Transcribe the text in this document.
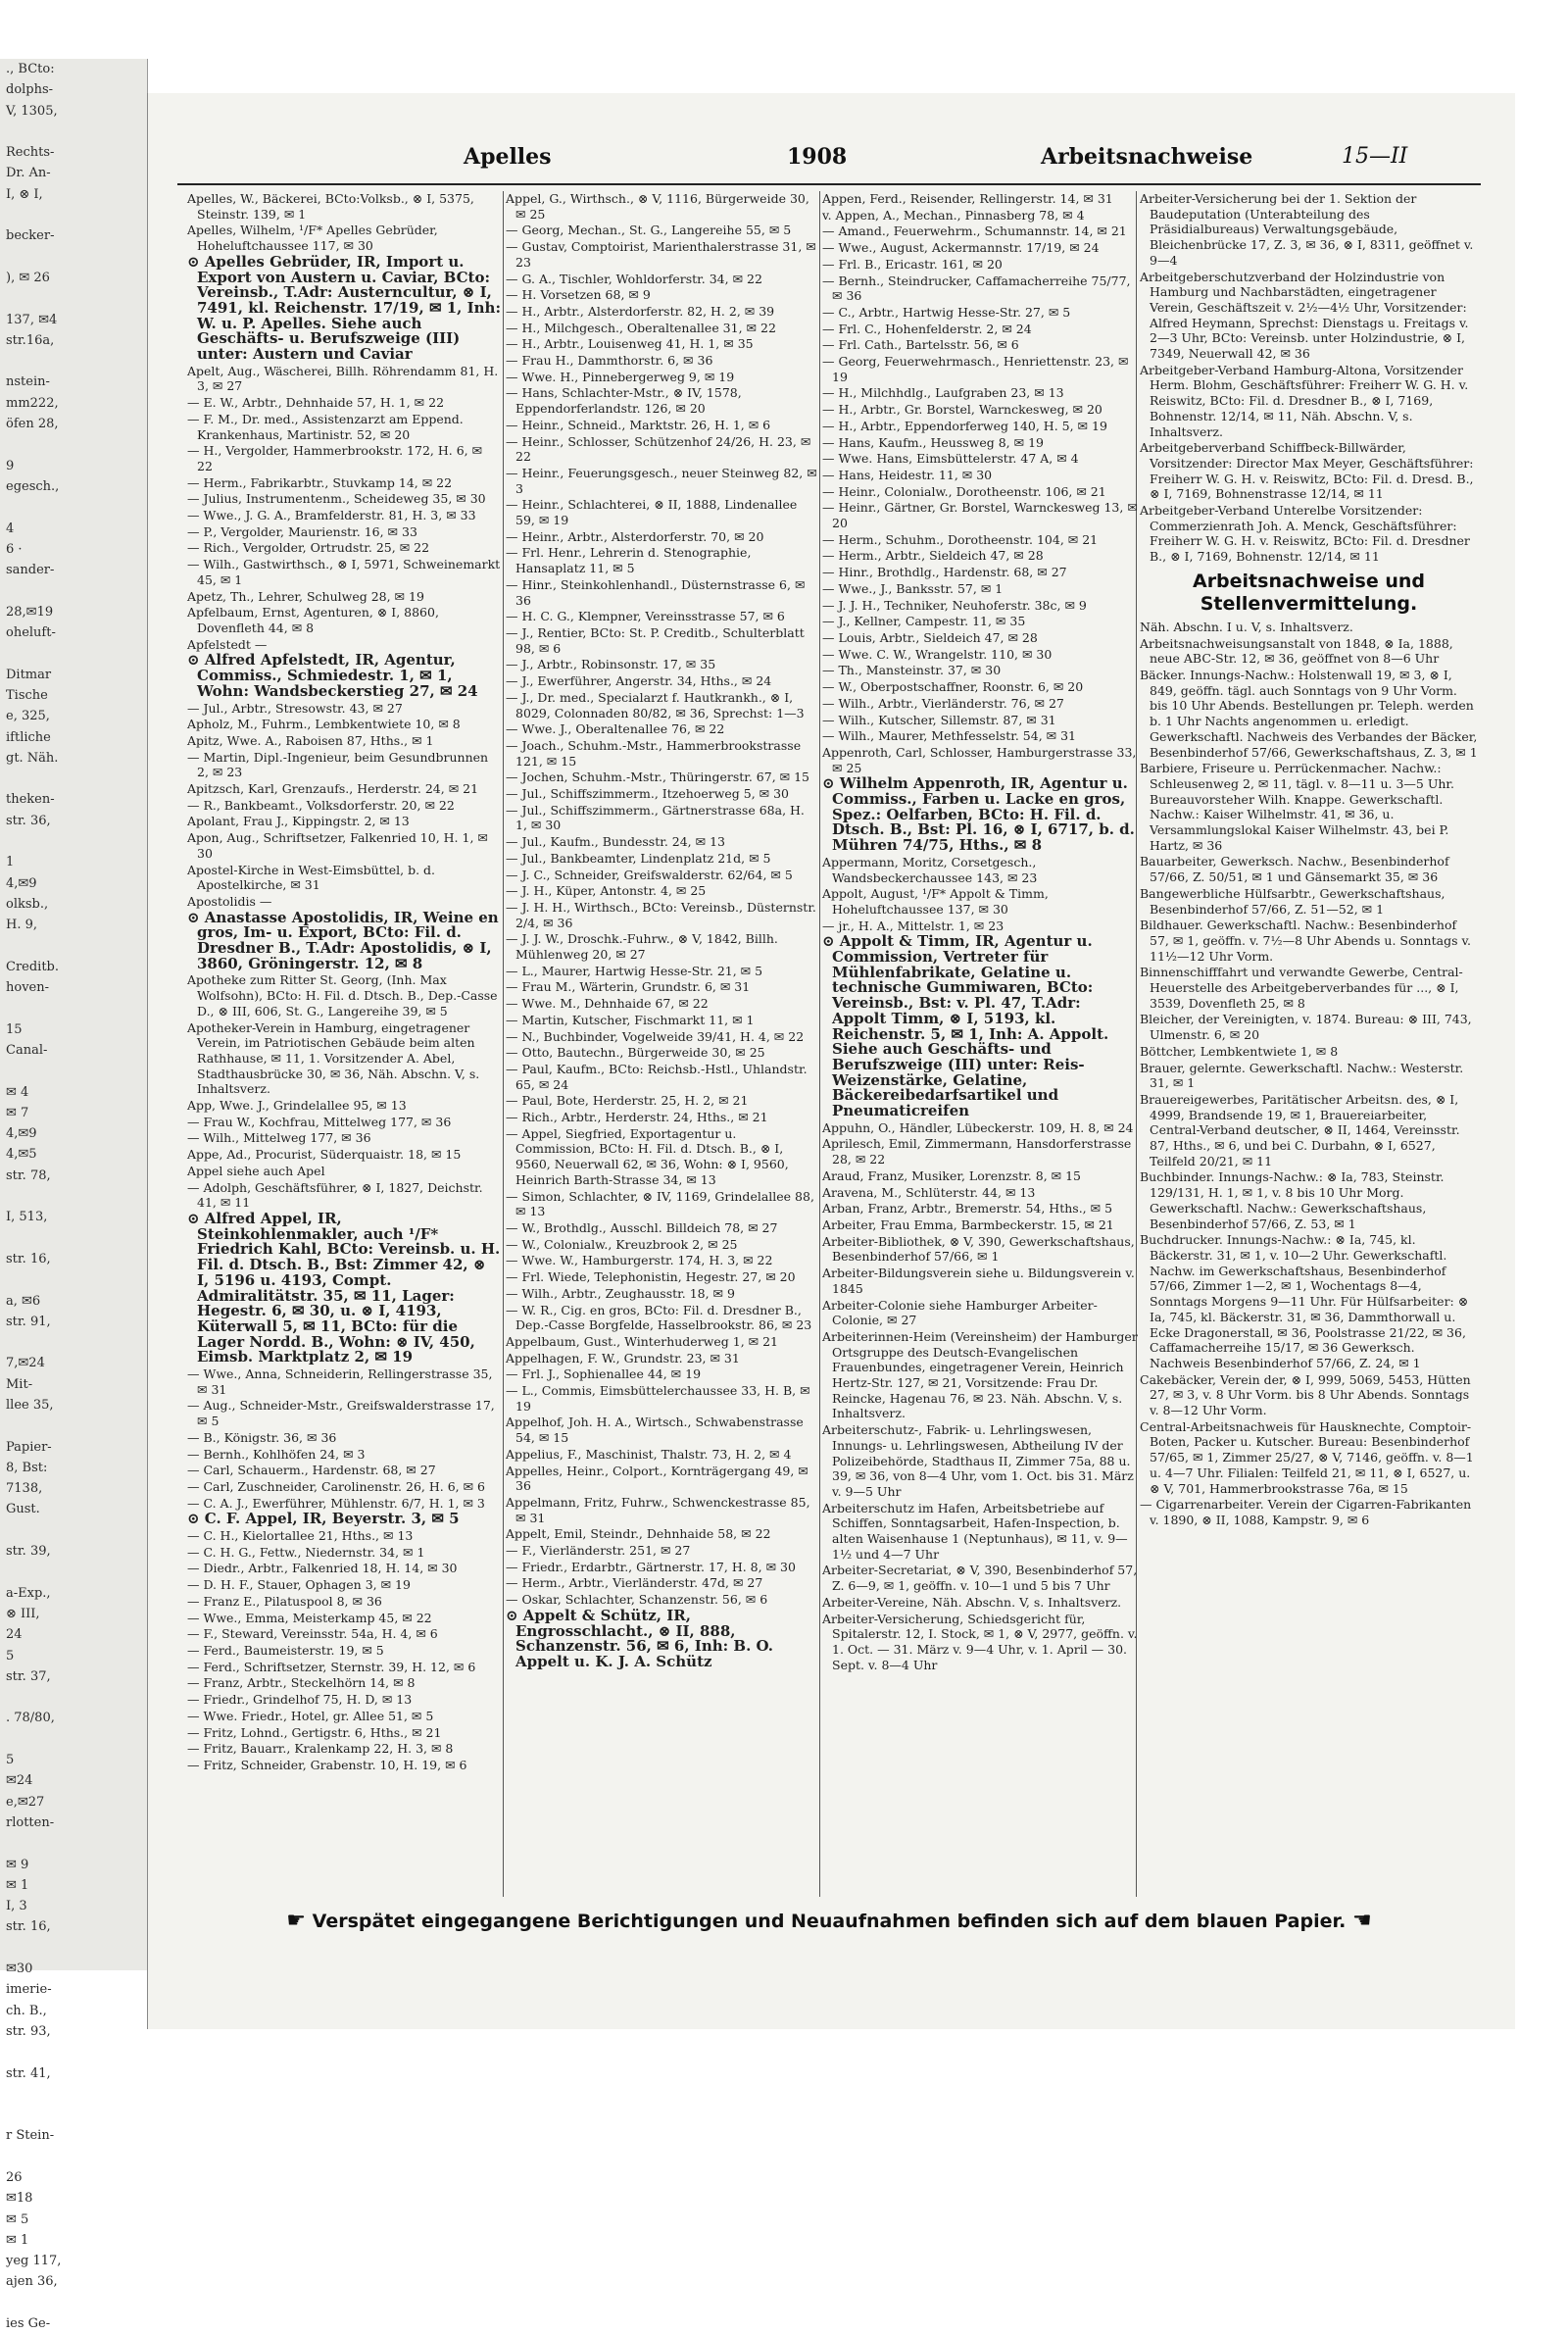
., BCto:
dolphs-
V, 1305,

Rechts-
Dr. An-
I, ⊗ I,

becker-

), ✉ 26

137, ✉4
str.16a,

nstein-
mm222,
öfen 28,

9
egesch.,

4
6 ·
sander-

28,✉19
oheluft-

Ditmar
Tische
e, 325,
iftliche
gt. Näh.

theken-
str. 36,

1
4,✉9
olksb.,
H. 9,

Creditb.
hoven-

15
Canal-

✉ 4
✉ 7
4,✉9
4,✉5
str. 78,

I, 513,

str. 16,

a, ✉6
str. 91,

7,✉24
Mit-
llee 35,

Papier-
8, Bst:
7138,
Gust.

str. 39,

a-Exp.,
⊗ III,
24
5
str. 37,

. 78/80,

5
✉24
e,✉27
rlotten-

✉ 9
✉ 1
I, 3
str. 16,

✉30
imerie-
ch. B.,
str. 93,

str. 41,

r Stein-

26
✉18
✉ 5
✉ 1
yeg 117,
ajen 36,

ies Ge-
Apelles	1908	Arbeitsnachweise	15—II
Apelles, W., Bäckerei, BCto:Volksb., ⊗ I, 5375, Steinstr. 139, ✉ 1
Apelles, Wilhelm, ¹/F* Apelles Gebrüder, Hoheluftchaussee 117, ✉ 30
⊙ Apelles Gebrüder, IR, Import u. Export von Austern u. Caviar, BCto: Vereinsb., T.Adr: Austerncultur, ⊗ I, 7491, kl. Reichenstr. 17/19, ✉ 1, Inh: W. u. P. Apelles. Siehe auch Geschäfts- u. Berufszweige (III) unter: Austern und Caviar
Apelt, Aug., Wäscherei, Billh. Röhrendamm 81, H. 3, ✉ 27
— E. W., Arbtr., Dehnhaide 57, H. 1, ✉ 22
— F. M., Dr. med., Assistenzarzt am Eppend. Krankenhaus, Martinistr. 52, ✉ 20
— H., Vergolder, Hammerbrookstr. 172, H. 6, ✉ 22
— Herm., Fabrikarbtr., Stuvkamp 14, ✉ 22
— Julius, Instrumentenm., Scheideweg 35, ✉ 30
— Wwe., J. G. A., Bramfelderstr. 81, H. 3, ✉ 33
— P., Vergolder, Maurienstr. 16, ✉ 33
— Rich., Vergolder, Ortrudstr. 25, ✉ 22
— Wilh., Gastwirthsch., ⊗ I, 5971, Schweinemarkt 45, ✉ 1
Apetz, Th., Lehrer, Schulweg 28, ✉ 19
Apfelbaum, Ernst, Agenturen, ⊗ I, 8860, Dovenfleth 44, ✉ 8
Apfelstedt —
⊙ Alfred Apfelstedt, IR, Agentur, Commiss., Schmiedestr. 1, ✉ 1, Wohn: Wandsbeckerstieg 27, ✉ 24
— Jul., Arbtr., Stresowstr. 43, ✉ 27
Apholz, M., Fuhrm., Lembkentwiete 10, ✉ 8
Apitz, Wwe. A., Raboisen 87, Hths., ✉ 1
— Martin, Dipl.-Ingenieur, beim Gesundbrunnen 2, ✉ 23
Apitzsch, Karl, Grenzaufs., Herderstr. 24, ✉ 21
— R., Bankbeamt., Volksdorferstr. 20, ✉ 22
Apolant, Frau J., Kippingstr. 2, ✉ 13
Apon, Aug., Schriftsetzer, Falkenried 10, H. 1, ✉ 30
Apostel-Kirche in West-Eimsbüttel, b. d. Apostelkirche, ✉ 31
Apostolidis —
⊙ Anastasse Apostolidis, IR, Weine en gros, Im- u. Export, BCto: Fil. d. Dresdner B., T.Adr: Apostolidis, ⊗ I, 3860, Gröningerstr. 12, ✉ 8
Apotheke zum Ritter St. Georg, (Inh. Max Wolfsohn), BCto: H. Fil. d. Dtsch. B., Dep.-Casse D., ⊗ III, 606, St. G., Langereihe 39, ✉ 5
Apotheker-Verein in Hamburg, eingetragener Verein, im Patriotischen Gebäude beim alten Rathhause, ✉ 11, 1. Vorsitzender A. Abel, Stadthausbrücke 30, ✉ 36, Näh. Abschn. V, s. Inhaltsverz.
App, Wwe. J., Grindelallee 95, ✉ 13
— Frau W., Kochfrau, Mittelweg 177, ✉ 36
— Wilh., Mittelweg 177, ✉ 36
Appe, Ad., Procurist, Süderquaistr. 18, ✉ 15
Appel siehe auch Apel
— Adolph, Geschäftsführer, ⊗ I, 1827, Deichstr. 41, ✉ 11
⊙ Alfred Appel, IR, Steinkohlenmakler, auch ¹/F* Friedrich Kahl, BCto: Vereinsb. u. H. Fil. d. Dtsch. B., Bst: Zimmer 42, ⊗ I, 5196 u. 4193, Compt. Admiralitätstr. 35, ✉ 11, Lager: Hegestr. 6, ✉ 30, u. ⊗ I, 4193, Küterwall 5, ✉ 11, BCto: für die Lager Nordd. B., Wohn: ⊗ IV, 450, Eimsb. Marktplatz 2, ✉ 19
— Wwe., Anna, Schneiderin, Rellingerstrasse 35, ✉ 31
— Aug., Schneider-Mstr., Greifswalderstrasse 17, ✉ 5
— B., Königstr. 36, ✉ 36
— Bernh., Kohlhöfen 24, ✉ 3
— Carl, Schauerm., Hardenstr. 68, ✉ 27
— Carl, Zuschneider, Carolinenstr. 26, H. 6, ✉ 6
— C. A. J., Ewerführer, Mühlenstr. 6/7, H. 1, ✉ 3
⊙ C. F. Appel, IR, Beyerstr. 3, ✉ 5
— C. H., Kielortallee 21, Hths., ✉ 13
— C. H. G., Fettw., Niedernstr. 34, ✉ 1
— Diedr., Arbtr., Falkenried 18, H. 14, ✉ 30
— D. H. F., Stauer, Ophagen 3, ✉ 19
— Franz E., Pilatuspool 8, ✉ 36
— Wwe., Emma, Meisterkamp 45, ✉ 22
— F., Steward, Vereinsstr. 54a, H. 4, ✉ 6
— Ferd., Baumeisterstr. 19, ✉ 5
— Ferd., Schriftsetzer, Sternstr. 39, H. 12, ✉ 6
— Franz, Arbtr., Steckelhörn 14, ✉ 8
— Friedr., Grindelhof 75, H. D, ✉ 13
— Wwe. Friedr., Hotel, gr. Allee 51, ✉ 5
— Fritz, Lohnd., Gertigstr. 6, Hths., ✉ 21
— Fritz, Bauarr., Kralenkamp 22, H. 3, ✉ 8
— Fritz, Schneider, Grabenstr. 10, H. 19, ✉ 6
Appel, G., Wirthsch., ⊗ V, 1116, Bürgerweide 30, ✉ 25
— Georg, Mechan., St. G., Langereihe 55, ✉ 5
— Gustav, Comptoirist, Marienthalerstrasse 31, ✉ 23
— G. A., Tischler, Wohldorferstr. 34, ✉ 22
— H. Vorsetzen 68, ✉ 9
— H., Arbtr., Alsterdorferstr. 82, H. 2, ✉ 39
— H., Milchgesch., Oberaltenallee 31, ✉ 22
— H., Arbtr., Louisenweg 41, H. 1, ✉ 35
— Frau H., Dammthorstr. 6, ✉ 36
— Wwe. H., Pinnebergerweg 9, ✉ 19
— Hans, Schlachter-Mstr., ⊗ IV, 1578, Eppendorferlandstr. 126, ✉ 20
— Heinr., Schneid., Marktstr. 26, H. 1, ✉ 6
— Heinr., Schlosser, Schützenhof 24/26, H. 23, ✉ 22
— Heinr., Feuerungsgesch., neuer Steinweg 82, ✉ 3
— Heinr., Schlachterei, ⊗ II, 1888, Lindenallee 59, ✉ 19
— Heinr., Arbtr., Alsterdorferstr. 70, ✉ 20
— Frl. Henr., Lehrerin d. Stenographie, Hansaplatz 11, ✉ 5
— Hinr., Steinkohlenhandl., Düsternstrasse 6, ✉ 36
— H. C. G., Klempner, Vereinsstrasse 57, ✉ 6
— J., Rentier, BCto: St. P. Creditb., Schulterblatt 98, ✉ 6
— J., Arbtr., Robinsonstr. 17, ✉ 35
— J., Ewerführer, Angerstr. 34, Hths., ✉ 24
— J., Dr. med., Specialarzt f. Hautkrankh., ⊗ I, 8029, Colonnaden 80/82, ✉ 36, Sprechst: 1—3
— Wwe. J., Oberaltenallee 76, ✉ 22
— Joach., Schuhm.-Mstr., Hammerbrookstrasse 121, ✉ 15
— Jochen, Schuhm.-Mstr., Thüringerstr. 67, ✉ 15
— Jul., Schiffszimmerm., Itzehoerweg 5, ✉ 30
— Jul., Schiffszimmerm., Gärtnerstrasse 68a, H. 1, ✉ 30
— Jul., Kaufm., Bundesstr. 24, ✉ 13
— Jul., Bankbeamter, Lindenplatz 21d, ✉ 5
— J. C., Schneider, Greifswalderstr. 62/64, ✉ 5
— J. H., Küper, Antonstr. 4, ✉ 25
— J. H. H., Wirthsch., BCto: Vereinsb., Düsternstr. 2/4, ✉ 36
— J. J. W., Droschk.-Fuhrw., ⊗ V, 1842, Billh. Mühlenweg 20, ✉ 27
— L., Maurer, Hartwig Hesse-Str. 21, ✉ 5
— Frau M., Wärterin, Grundstr. 6, ✉ 31
— Wwe. M., Dehnhaide 67, ✉ 22
— Martin, Kutscher, Fischmarkt 11, ✉ 1
— N., Buchbinder, Vogelweide 39/41, H. 4, ✉ 22
— Otto, Bautechn., Bürgerweide 30, ✉ 25
— Paul, Kaufm., BCto: Reichsb.-Hstl., Uhlandstr. 65, ✉ 24
— Paul, Bote, Herderstr. 25, H. 2, ✉ 21
— Rich., Arbtr., Herderstr. 24, Hths., ✉ 21
— Appel, Siegfried, Exportagentur u. Commission, BCto: H. Fil. d. Dtsch. B., ⊗ I, 9560, Neuerwall 62, ✉ 36, Wohn: ⊗ I, 9560, Heinrich Barth-Strasse 34, ✉ 13
— Simon, Schlachter, ⊗ IV, 1169, Grindelallee 88, ✉ 13
— W., Brothdlg., Ausschl. Billdeich 78, ✉ 27
— W., Colonialw., Kreuzbrook 2, ✉ 25
— Wwe. W., Hamburgerstr. 174, H. 3, ✉ 22
— Frl. Wiede, Telephonistin, Hegestr. 27, ✉ 20
— Wilh., Arbtr., Zeughausstr. 18, ✉ 9
— W. R., Cig. en gros, BCto: Fil. d. Dresdner B., Dep.-Casse Borgfelde, Hasselbrookstr. 86, ✉ 23
Appelbaum, Gust., Winterhuderweg 1, ✉ 21
Appelhagen, F. W., Grundstr. 23, ✉ 31
— Frl. J., Sophienallee 44, ✉ 19
— L., Commis, Eimsbüttelerchaussee 33, H. B, ✉ 19
Appelhof, Joh. H. A., Wirtsch., Schwabenstrasse 54, ✉ 15
Appelius, F., Maschinist, Thalstr. 73, H. 2, ✉ 4
Appelles, Heinr., Colport., Kornträgergang 49, ✉ 36
Appelmann, Fritz, Fuhrw., Schwenckestrasse 85, ✉ 31
Appelt, Emil, Steindr., Dehnhaide 58, ✉ 22
— F., Vierländerstr. 251, ✉ 27
— Friedr., Erdarbtr., Gärtnerstr. 17, H. 8, ✉ 30
— Herm., Arbtr., Vierländerstr. 47d, ✉ 27
— Oskar, Schlachter, Schanzenstr. 56, ✉ 6
⊙ Appelt & Schütz, IR, Engrosschlacht., ⊗ II, 888, Schanzenstr. 56, ✉ 6, Inh: B. O. Appelt u. K. J. A. Schütz
Appen, Ferd., Reisender, Rellingerstr. 14, ✉ 31
v. Appen, A., Mechan., Pinnasberg 78, ✉ 4
— Amand., Feuerwehrm., Schumannstr. 14, ✉ 21
— Wwe., August, Ackermannstr. 17/19, ✉ 24
— Frl. B., Ericastr. 161, ✉ 20
— Bernh., Steindrucker, Caffamacherreihe 75/77, ✉ 36
— C., Arbtr., Hartwig Hesse-Str. 27, ✉ 5
— Frl. C., Hohenfelderstr. 2, ✉ 24
— Frl. Cath., Bartelsstr. 56, ✉ 6
— Georg, Feuerwehrmasch., Henriettenstr. 23, ✉ 19
— H., Milchhdlg., Laufgraben 23, ✉ 13
— H., Arbtr., Gr. Borstel, Warnckesweg, ✉ 20
— H., Arbtr., Eppendorferweg 140, H. 5, ✉ 19
— Hans, Kaufm., Heussweg 8, ✉ 19
— Wwe. Hans, Eimsbüttelerstr. 47 A, ✉ 4
— Hans, Heidestr. 11, ✉ 30
— Heinr., Colonialw., Dorotheenstr. 106, ✉ 21
— Heinr., Gärtner, Gr. Borstel, Warnckesweg 13, ✉ 20
— Herm., Schuhm., Dorotheenstr. 104, ✉ 21
— Herm., Arbtr., Sieldeich 47, ✉ 28
— Hinr., Brothdlg., Hardenstr. 68, ✉ 27
— Wwe., J., Banksstr. 57, ✉ 1
— J. J. H., Techniker, Neuhoferstr. 38c, ✉ 9
— J., Kellner, Campestr. 11, ✉ 35
— Louis, Arbtr., Sieldeich 47, ✉ 28
— Wwe. C. W., Wrangelstr. 110, ✉ 30
— Th., Mansteinstr. 37, ✉ 30
— W., Oberpostschaffner, Roonstr. 6, ✉ 20
— Wilh., Arbtr., Vierländerstr. 76, ✉ 27
— Wilh., Kutscher, Sillemstr. 87, ✉ 31
— Wilh., Maurer, Methfesselstr. 54, ✉ 31
Appenroth, Carl, Schlosser, Hamburgerstrasse 33, ✉ 25
⊙ Wilhelm Appenroth, IR, Agentur u. Commiss., Farben u. Lacke en gros, Spez.: Oelfarben, BCto: H. Fil. d. Dtsch. B., Bst: Pl. 16, ⊗ I, 6717, b. d. Mühren 74/75, Hths., ✉ 8
Appermann, Moritz, Corsetgesch., Wandsbeckerchaussee 143, ✉ 23
Appolt, August, ¹/F* Appolt & Timm, Hoheluftchaussee 137, ✉ 30
— jr., H. A., Mittelstr. 1, ✉ 23
⊙ Appolt & Timm, IR, Agentur u. Commission, Vertreter für Mühlenfabrikate, Gelatine u. technische Gummiwaren, BCto: Vereinsb., Bst: v. Pl. 47, T.Adr: Appolt Timm, ⊗ I, 5193, kl. Reichenstr. 5, ✉ 1, Inh: A. Appolt. Siehe auch Geschäfts- und Berufszweige (III) unter: Reis- Weizenstärke, Gelatine, Bäckereibedarfsartikel und Pneumaticreifen
Appuhn, O., Händler, Lübeckerstr. 109, H. 8, ✉ 24
Aprilesch, Emil, Zimmermann, Hansdorferstrasse 28, ✉ 22
Araud, Franz, Musiker, Lorenzstr. 8, ✉ 15
Aravena, M., Schlüterstr. 44, ✉ 13
Arban, Franz, Arbtr., Bremerstr. 54, Hths., ✉ 5
Arbeiter, Frau Emma, Barmbeckerstr. 15, ✉ 21
Arbeiter-Bibliothek, ⊗ V, 390, Gewerkschaftshaus, Besenbinderhof 57/66, ✉ 1
Arbeiter-Bildungsverein siehe u. Bildungsverein v. 1845
Arbeiter-Colonie siehe Hamburger Arbeiter-Colonie, ✉ 27
Arbeiterinnen-Heim (Vereinsheim) der Hamburger Ortsgruppe des Deutsch-Evangelischen Frauenbundes, eingetragener Verein, Heinrich Hertz-Str. 127, ✉ 21, Vorsitzende: Frau Dr. Reincke, Hagenau 76, ✉ 23. Näh. Abschn. V, s. Inhaltsverz.
Arbeiterschutz-, Fabrik- u. Lehrlingswesen, Innungs- u. Lehrlingswesen, Abtheilung IV der Polizeibehörde, Stadthaus II, Zimmer 75a, 88 u. 39, ✉ 36, von 8—4 Uhr, vom 1. Oct. bis 31. März v. 9—5 Uhr
Arbeiterschutz im Hafen, Arbeitsbetriebe auf Schiffen, Sonntagsarbeit, Hafen-Inspection, b. alten Waisenhause 1 (Neptunhaus), ✉ 11, v. 9—1½ und 4—7 Uhr
Arbeiter-Secretariat, ⊗ V, 390, Besenbinderhof 57, Z. 6—9, ✉ 1, geöffn. v. 10—1 und 5 bis 7 Uhr
Arbeiter-Vereine, Näh. Abschn. V, s. Inhaltsverz.
Arbeiter-Versicherung, Schiedsgericht für, Spitalerstr. 12, I. Stock, ✉ 1, ⊗ V, 2977, geöffn. v. 1. Oct. — 31. März v. 9—4 Uhr, v. 1. April — 30. Sept. v. 8—4 Uhr
Arbeiter-Versicherung bei der 1. Sektion der Baudeputation (Unterabteilung des Präsidialbureaus) Verwaltungsgebäude, Bleichenbrücke 17, Z. 3, ✉ 36, ⊗ I, 8311, geöffnet v. 9—4
Arbeitgeberschutzverband der Holzindustrie von Hamburg und Nachbarstädten, eingetragener Verein, Geschäftszeit v. 2½—4½ Uhr, Vorsitzender: Alfred Heymann, Sprechst: Dienstags u. Freitags v. 2—3 Uhr, BCto: Vereinsb. unter Holzindustrie, ⊗ I, 7349, Neuerwall 42, ✉ 36
Arbeitgeber-Verband Hamburg-Altona, Vorsitzender Herm. Blohm, Geschäftsführer: Freiherr W. G. H. v. Reiswitz, BCto: Fil. d. Dresdner B., ⊗ I, 7169, Bohnenstr. 12/14, ✉ 11, Näh. Abschn. V, s. Inhaltsverz.
Arbeitgeberverband Schiffbeck-Billwärder, Vorsitzender: Director Max Meyer, Geschäftsführer: Freiherr W. G. H. v. Reiswitz, BCto: Fil. d. Dresd. B., ⊗ I, 7169, Bohnenstrasse 12/14, ✉ 11
Arbeitgeber-Verband Unterelbe Vorsitzender: Commerzienrath Joh. A. Menck, Geschäftsführer: Freiherr W. G. H. v. Reiswitz, BCto: Fil. d. Dresdner B., ⊗ I, 7169, Bohnenstr. 12/14, ✉ 11
Arbeitsnachweise und Stellenvermittelung.
Näh. Abschn. I u. V, s. Inhaltsverz.
Arbeitsnachweisungsanstalt von 1848, ⊗ Ia, 1888, neue ABC-Str. 12, ✉ 36, geöffnet von 8—6 Uhr
Bäcker. Innungs-Nachw.: Holstenwall 19, ✉ 3, ⊗ I, 849, geöffn. tägl. auch Sonntags von 9 Uhr Vorm. bis 10 Uhr Abends. Bestellungen pr. Teleph. werden b. 1 Uhr Nachts angenommen u. erledigt. Gewerkschaftl. Nachweis des Verbandes der Bäcker, Besenbinderhof 57/66, Gewerkschaftshaus, Z. 3, ✉ 1
Barbiere, Friseure u. Perrückenmacher. Nachw.: Schleusenweg 2, ✉ 11, tägl. v. 8—11 u. 3—5 Uhr. Bureauvorsteher Wilh. Knappe. Gewerkschaftl. Nachw.: Kaiser Wilhelmstr. 41, ✉ 36, u. Versammlungslokal Kaiser Wilhelmstr. 43, bei P. Hartz, ✉ 36
Bauarbeiter, Gewerksch. Nachw., Besenbinderhof 57/66, Z. 50/51, ✉ 1 und Gänsemarkt 35, ✉ 36
Bangewerbliche Hülfsarbtr., Gewerkschaftshaus, Besenbinderhof 57/66, Z. 51—52, ✉ 1
Bildhauer. Gewerkschaftl. Nachw.: Besenbinderhof 57, ✉ 1, geöffn. v. 7½—8 Uhr Abends u. Sonntags v. 11½—12 Uhr Vorm.
Binnenschifffahrt und verwandte Gewerbe, Central-Heuerstelle des Arbeitgeberverbandes für ..., ⊗ I, 3539, Dovenfleth 25, ✉ 8
Bleicher, der Vereinigten, v. 1874. Bureau: ⊗ III, 743, Ulmenstr. 6, ✉ 20
Böttcher, Lembkentwiete 1, ✉ 8
Brauer, gelernte. Gewerkschaftl. Nachw.: Westerstr. 31, ✉ 1
Brauereigewerbes, Paritätischer Arbeitsn. des, ⊗ I, 4999, Brandsende 19, ✉ 1, Brauereiarbeiter, Central-Verband deutscher, ⊗ II, 1464, Vereinsstr. 87, Hths., ✉ 6, und bei C. Durbahn, ⊗ I, 6527, Teilfeld 20/21, ✉ 11
Buchbinder. Innungs-Nachw.: ⊗ Ia, 783, Steinstr. 129/131, H. 1, ✉ 1, v. 8 bis 10 Uhr Morg. Gewerkschaftl. Nachw.: Gewerkschaftshaus, Besenbinderhof 57/66, Z. 53, ✉ 1
Buchdrucker. Innungs-Nachw.: ⊗ Ia, 745, kl. Bäckerstr. 31, ✉ 1, v. 10—2 Uhr. Gewerkschaftl. Nachw. im Gewerkschaftshaus, Besenbinderhof 57/66, Zimmer 1—2, ✉ 1, Wochentags 8—4, Sonntags Morgens 9—11 Uhr. Für Hülfsarbeiter: ⊗ Ia, 745, kl. Bäckerstr. 31, ✉ 36, Dammthorwall u. Ecke Dragonerstall, ✉ 36, Poolstrasse 21/22, ✉ 36, Caffamacherreihe 15/17, ✉ 36 Gewerksch. Nachweis Besenbinderhof 57/66, Z. 24, ✉ 1
Cakebäcker, Verein der, ⊗ I, 999, 5069, 5453, Hütten 27, ✉ 3, v. 8 Uhr Vorm. bis 8 Uhr Abends. Sonntags v. 8—12 Uhr Vorm.
Central-Arbeitsnachweis für Hausknechte, Comptoir-Boten, Packer u. Kutscher. Bureau: Besenbinderhof 57/65, ✉ 1, Zimmer 25/27, ⊗ V, 7146, geöffn. v. 8—1 u. 4—7 Uhr. Filialen: Teilfeld 21, ✉ 11, ⊗ I, 6527, u. ⊗ V, 701, Hammerbrookstrasse 76a, ✉ 15
— Cigarrenarbeiter. Verein der Cigarren-Fabrikanten v. 1890, ⊗ II, 1088, Kampstr. 9, ✉ 6
☛ Verspätet eingegangene Berichtigungen und Neuaufnahmen befinden sich auf dem blauen Papier. ☚
